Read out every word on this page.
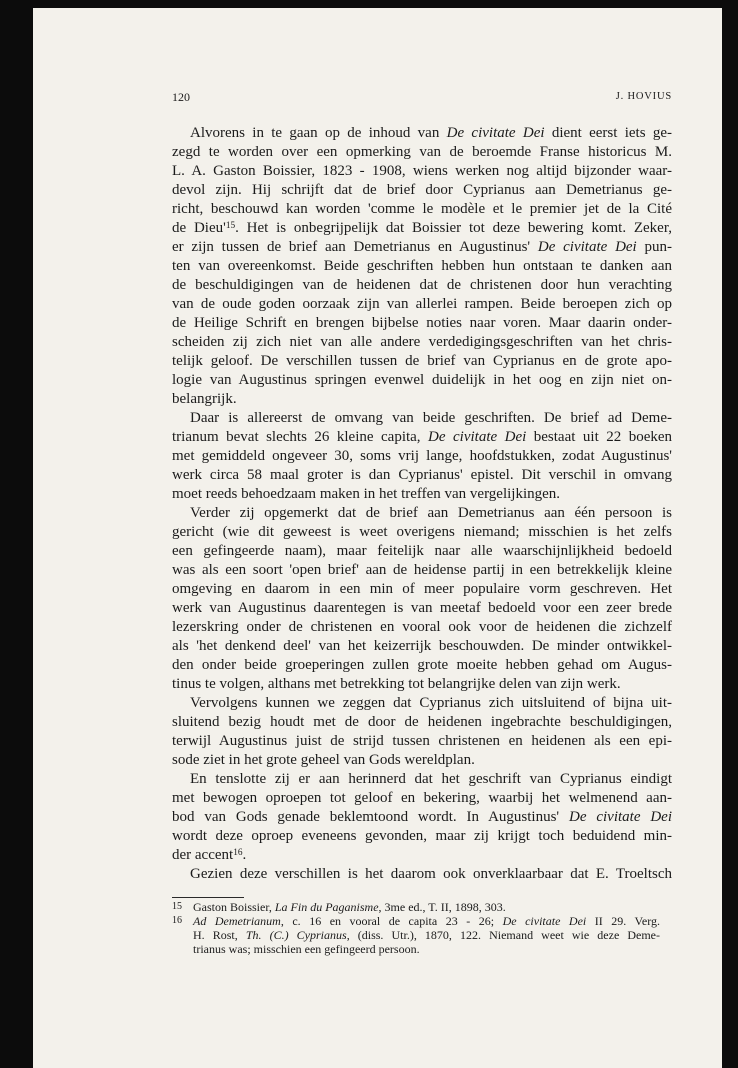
120	J. HOVIUS
Alvorens in te gaan op de inhoud van De civitate Dei dient eerst iets ge-
zegd te worden over een opmerking van de beroemde Franse historicus M.
L. A. Gaston Boissier, 1823 - 1908, wiens werken nog altijd bijzonder waar-
devol zijn. Hij schrijft dat de brief door Cyprianus aan Demetrianus ge-
richt, beschouwd kan worden 'comme le modèle et le premier jet de la Cité
de $Dieu'^{15}$. Het is onbegrijpelijk dat Boissier tot deze bewering komt. Zeker,
er zijn tussen de brief aan Demetrianus en Augustinus' De civitate Dei pun-
ten van overeenkomst. Beide geschriften hebben hun ontstaan te danken aan
de beschuldigingen van de heidenen dat de christenen door hun verachting
van de oude goden oorzaak zijn van allerlei rampen. Beide beroepen zich op
de Heilige Schrift en brengen bijbelse noties naar voren. Maar daarin onder-
scheiden zij zich niet van alle andere verdedigingsgeschriften van het chris-
telijk geloof. De verschillen tussen de brief van Cyprianus en de grote apo-
logie van Augustinus springen evenwel duidelijk in het oog en zijn niet on-
belangrijk.
Daar is allereerst de omvang van beide geschriften. De brief ad Deme-
trianum bevat slechts 26 kleine capita, De civitate Dei bestaat uit 22 boeken
met gemiddeld ongeveer 30, soms vrij lange, hoofdstukken, zodat Augustinus'
werk circa 58 maal groter is dan Cyprianus' epistel. Dit verschil in omvang
moet reeds behoedzaam maken in het treffen van vergelijkingen.
Verder zij opgemerkt dat de brief aan Demetrianus aan één persoon is
gericht (wie dit geweest is weet overigens niemand; misschien is het zelfs
een gefingeerde naam), maar feitelijk naar alle waarschijnlijkheid bedoeld
was als een soort 'open brief' aan de heidense partij in een betrekkelijk kleine
omgeving en daarom in een min of meer populaire vorm geschreven. Het
werk van Augustinus daarentegen is van meetaf bedoeld voor een zeer brede
lezerskring onder de christenen en vooral ook voor de heidenen die zichzelf
als 'het denkend deel' van het keizerrijk beschouwden. De minder ontwikkel-
den onder beide groeperingen zullen grote moeite hebben gehad om Augus-
tinus te volgen, althans met betrekking tot belangrijke delen van zijn werk.
Vervolgens kunnen we zeggen dat Cyprianus zich uitsluitend of bijna uit-
sluitend bezig houdt met de door de heidenen ingebrachte beschuldigingen,
terwijl Augustinus juist de strijd tussen christenen en heidenen als een epi-
sode ziet in het grote geheel van Gods wereldplan.
En tenslotte zij er aan herinnerd dat het geschrift van Cyprianus eindigt
met bewogen oproepen tot geloof en bekering, waarbij het welmenend aan-
bod van Gods genade beklemtoond wordt. In Augustinus' De civitate Dei
wordt deze oproep eveneens gevonden, maar zij krijgt toch beduidend min-
der accent$^{16}$.
Gezien deze verschillen is het daarom ook onverklaarbaar dat E. Troeltsch
15 Gaston Boissier, La Fin du Paganisme, 3me ed., T. II, 1898, 303.
16 Ad Demetrianum, c. 16 en vooral de capita 23 - 26; De civitate Dei II 29. Verg.
H. Rost, Th. (C.) Cyprianus, (diss. Utr.), 1870, 122. Niemand weet wie deze Deme-
trianus was; misschien een gefingeerd persoon.
